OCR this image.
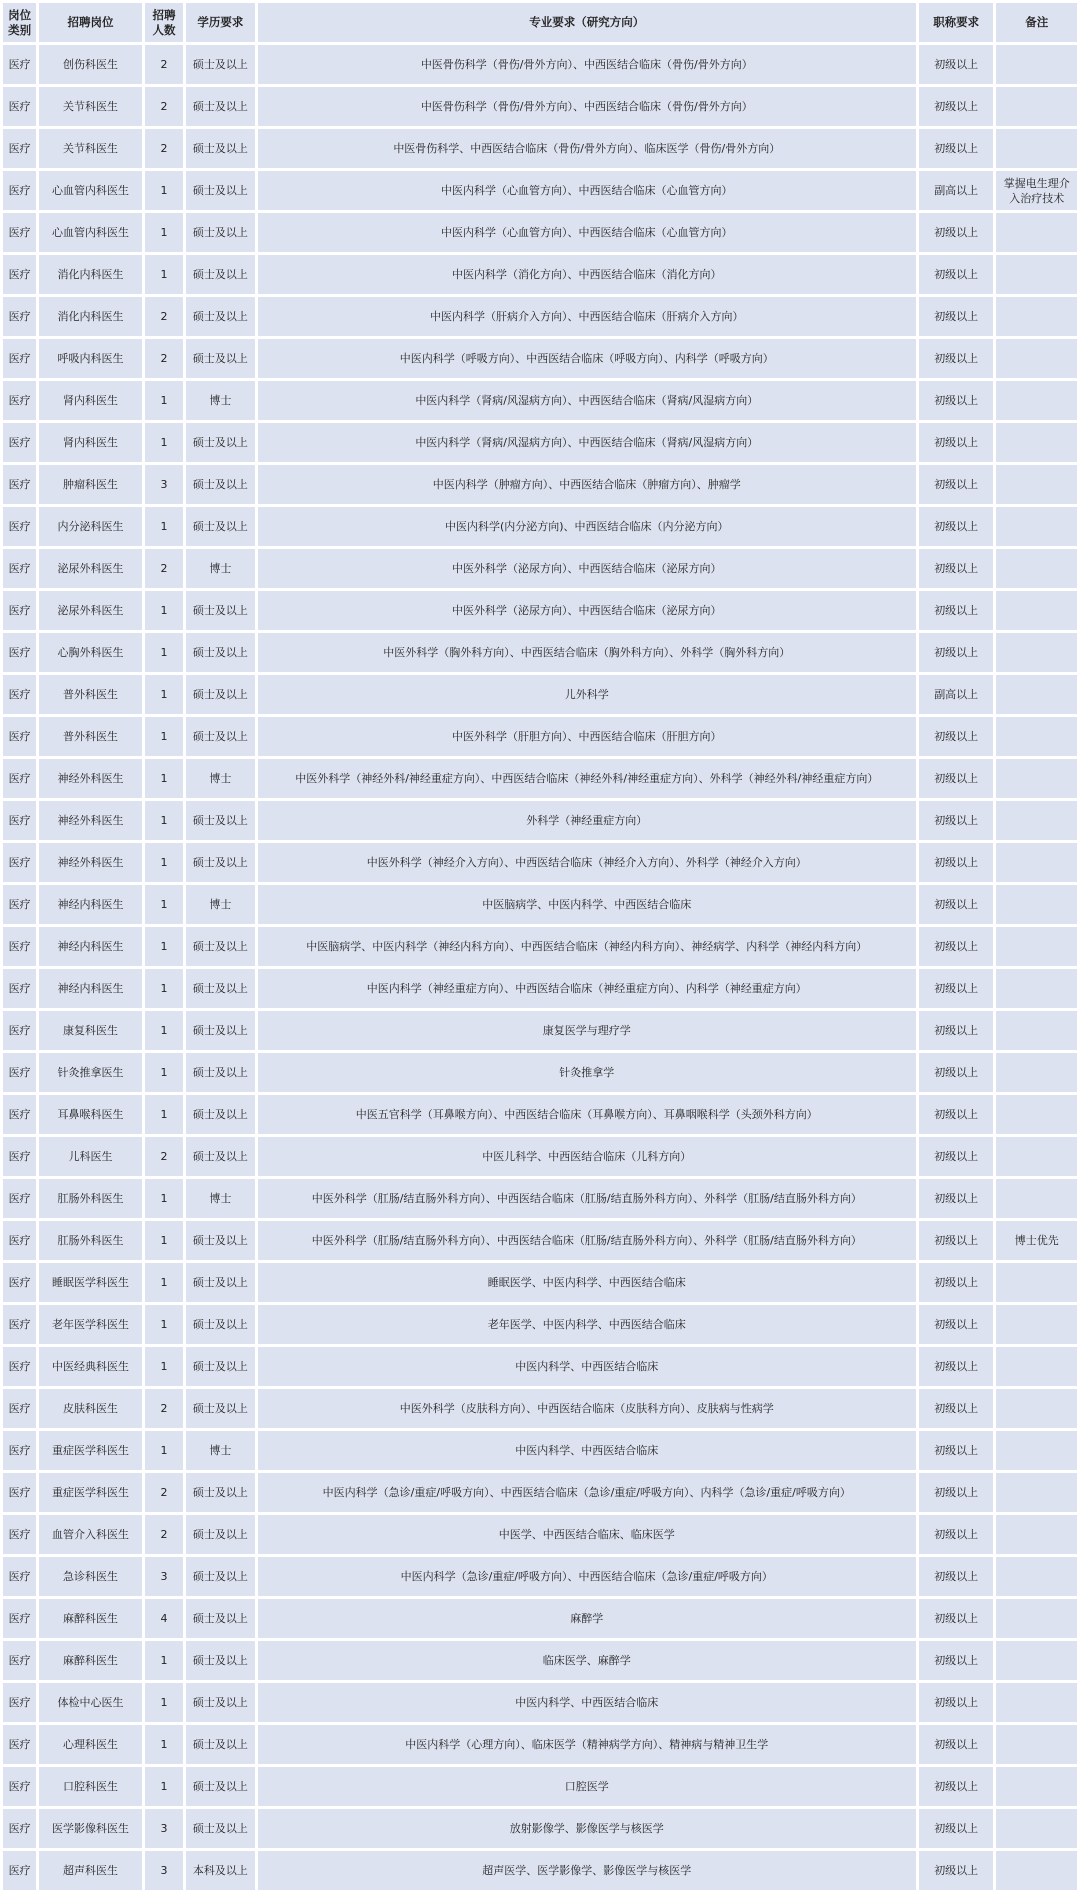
岗位类别	招聘岗位	招聘人数	学历要求	专业要求（研究方向）	职称要求	备注
医疗	创伤科医生	2	硕士及以上	中医骨伤科学（骨伤/骨外方向）、中西医结合临床（骨伤/骨外方向）	初级以上	
医疗	关节科医生	2	硕士及以上	中医骨伤科学（骨伤/骨外方向）、中西医结合临床（骨伤/骨外方向）	初级以上	
医疗	关节科医生	2	硕士及以上	中医骨伤科学、中西医结合临床（骨伤/骨外方向）、临床医学（骨伤/骨外方向）	初级以上	
医疗	心血管内科医生	1	硕士及以上	中医内科学（心血管方向）、中西医结合临床（心血管方向）	副高以上	掌握电生理介入治疗技术
医疗	心血管内科医生	1	硕士及以上	中医内科学（心血管方向）、中西医结合临床（心血管方向）	初级以上	
医疗	消化内科医生	1	硕士及以上	中医内科学（消化方向）、中西医结合临床（消化方向）	初级以上	
医疗	消化内科医生	2	硕士及以上	中医内科学（肝病介入方向）、中西医结合临床（肝病介入方向）	初级以上	
医疗	呼吸内科医生	2	硕士及以上	中医内科学（呼吸方向）、中西医结合临床（呼吸方向）、内科学（呼吸方向）	初级以上	
医疗	肾内科医生	1	博士	中医内科学（肾病/风湿病方向）、中西医结合临床（肾病/风湿病方向）	初级以上	
医疗	肾内科医生	1	硕士及以上	中医内科学（肾病/风湿病方向）、中西医结合临床（肾病/风湿病方向）	初级以上	
医疗	肿瘤科医生	3	硕士及以上	中医内科学（肿瘤方向）、中西医结合临床（肿瘤方向）、肿瘤学	初级以上	
医疗	内分泌科医生	1	硕士及以上	中医内科学(内分泌方向)、中西医结合临床（内分泌方向）	初级以上	
医疗	泌尿外科医生	2	博士	中医外科学（泌尿方向）、中西医结合临床（泌尿方向）	初级以上	
医疗	泌尿外科医生	1	硕士及以上	中医外科学（泌尿方向）、中西医结合临床（泌尿方向）	初级以上	
医疗	心胸外科医生	1	硕士及以上	中医外科学（胸外科方向）、中西医结合临床（胸外科方向）、外科学（胸外科方向）	初级以上	
医疗	普外科医生	1	硕士及以上	儿外科学	副高以上	
医疗	普外科医生	1	硕士及以上	中医外科学（肝胆方向）、中西医结合临床（肝胆方向）	初级以上	
医疗	神经外科医生	1	博士	中医外科学（神经外科/神经重症方向）、中西医结合临床（神经外科/神经重症方向）、外科学（神经外科/神经重症方向）	初级以上	
医疗	神经外科医生	1	硕士及以上	外科学（神经重症方向）	初级以上	
医疗	神经外科医生	1	硕士及以上	中医外科学（神经介入方向）、中西医结合临床（神经介入方向）、外科学（神经介入方向）	初级以上	
医疗	神经内科医生	1	博士	中医脑病学、中医内科学、中西医结合临床	初级以上	
医疗	神经内科医生	1	硕士及以上	中医脑病学、中医内科学（神经内科方向）、中西医结合临床（神经内科方向）、神经病学、内科学（神经内科方向）	初级以上	
医疗	神经内科医生	1	硕士及以上	中医内科学（神经重症方向）、中西医结合临床（神经重症方向）、内科学（神经重症方向）	初级以上	
医疗	康复科医生	1	硕士及以上	康复医学与理疗学	初级以上	
医疗	针灸推拿医生	1	硕士及以上	针灸推拿学	初级以上	
医疗	耳鼻喉科医生	1	硕士及以上	中医五官科学（耳鼻喉方向）、中西医结合临床（耳鼻喉方向）、耳鼻咽喉科学（头颈外科方向）	初级以上	
医疗	儿科医生	2	硕士及以上	中医儿科学、中西医结合临床（儿科方向）	初级以上	
医疗	肛肠外科医生	1	博士	中医外科学（肛肠/结直肠外科方向）、中西医结合临床（肛肠/结直肠外科方向）、外科学（肛肠/结直肠外科方向）	初级以上	
医疗	肛肠外科医生	1	硕士及以上	中医外科学（肛肠/结直肠外科方向）、中西医结合临床（肛肠/结直肠外科方向）、外科学（肛肠/结直肠外科方向）	初级以上	博士优先
医疗	睡眠医学科医生	1	硕士及以上	睡眠医学、中医内科学、中西医结合临床	初级以上	
医疗	老年医学科医生	1	硕士及以上	老年医学、中医内科学、中西医结合临床	初级以上	
医疗	中医经典科医生	1	硕士及以上	中医内科学、中西医结合临床	初级以上	
医疗	皮肤科医生	2	硕士及以上	中医外科学（皮肤科方向）、中西医结合临床（皮肤科方向）、皮肤病与性病学	初级以上	
医疗	重症医学科医生	1	博士	中医内科学、中西医结合临床	初级以上	
医疗	重症医学科医生	2	硕士及以上	中医内科学（急诊/重症/呼吸方向）、中西医结合临床（急诊/重症/呼吸方向）、内科学（急诊/重症/呼吸方向）	初级以上	
医疗	血管介入科医生	2	硕士及以上	中医学、中西医结合临床、临床医学	初级以上	
医疗	急诊科医生	3	硕士及以上	中医内科学（急诊/重症/呼吸方向）、中西医结合临床（急诊/重症/呼吸方向）	初级以上	
医疗	麻醉科医生	4	硕士及以上	麻醉学	初级以上	
医疗	麻醉科医生	1	硕士及以上	临床医学、麻醉学	初级以上	
医疗	体检中心医生	1	硕士及以上	中医内科学、中西医结合临床	初级以上	
医疗	心理科医生	1	硕士及以上	中医内科学（心理方向）、临床医学（精神病学方向）、精神病与精神卫生学	初级以上	
医疗	口腔科医生	1	硕士及以上	口腔医学	初级以上	
医疗	医学影像科医生	3	硕士及以上	放射影像学、影像医学与核医学	初级以上	
医疗	超声科医生	3	本科及以上	超声医学、医学影像学、影像医学与核医学	初级以上	
